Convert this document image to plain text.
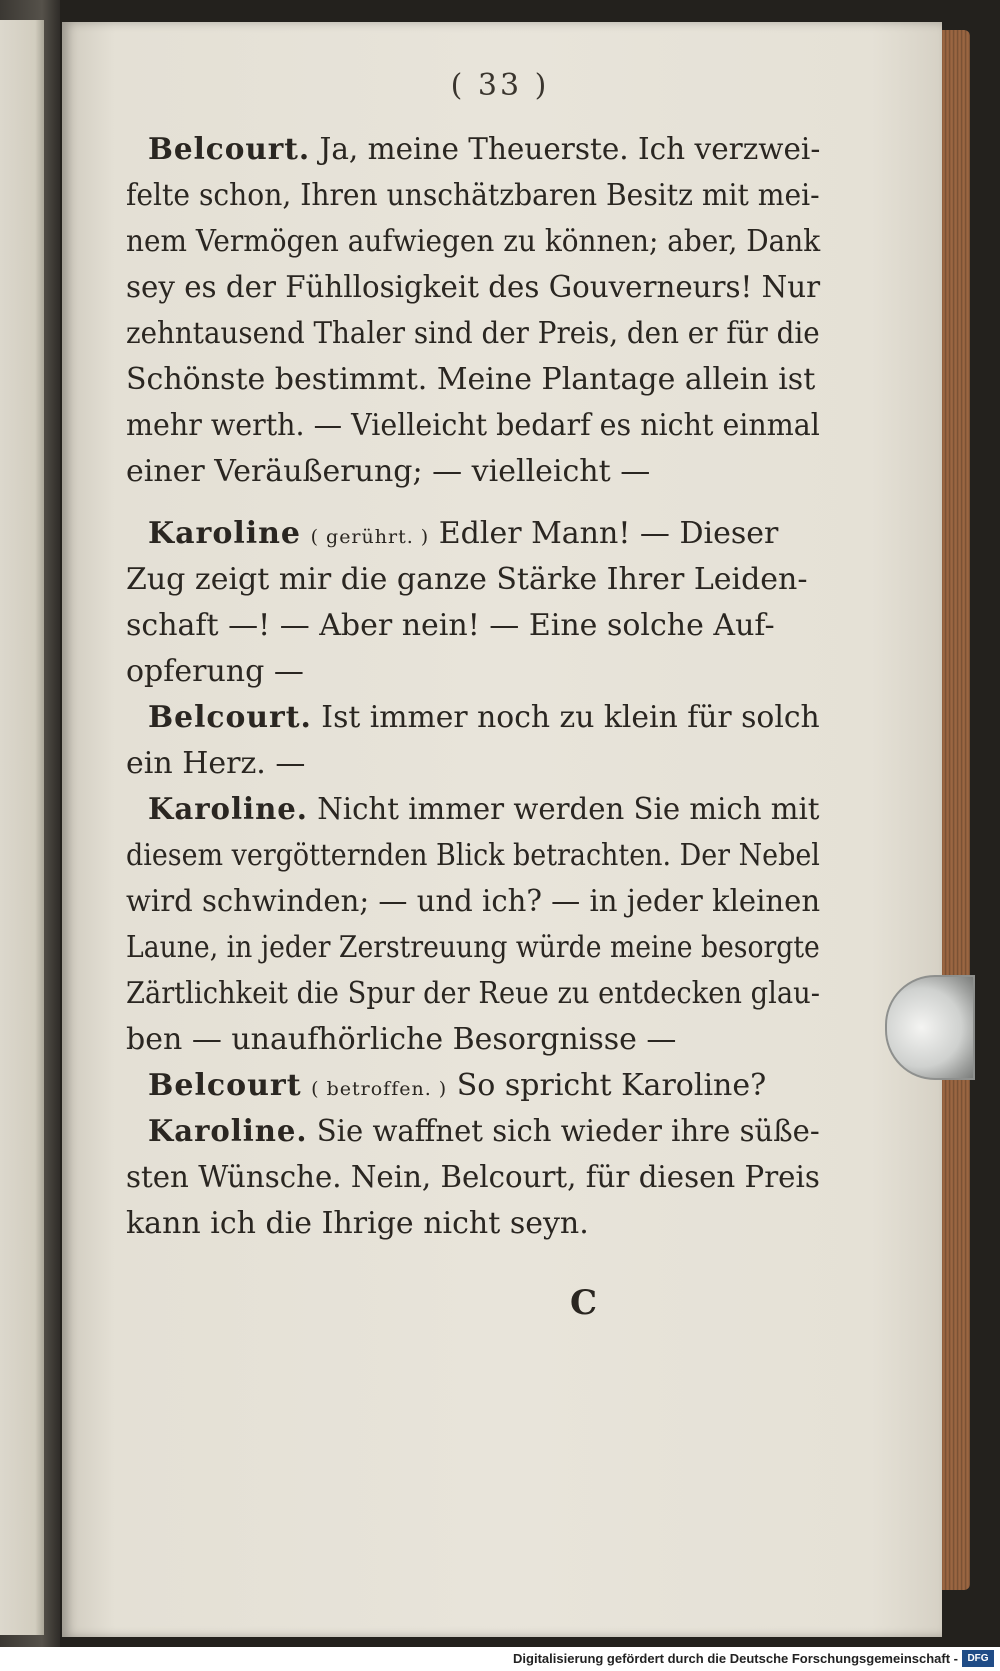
( 33 )
Belcourt. Ja, meine Theuerste. Ich verzwei-
felte schon, Ihren unschätzbaren Besitz mit mei-
nem Vermögen aufwiegen zu können; aber, Dank
sey es der Fühllosigkeit des Gouverneurs! Nur
zehntausend Thaler sind der Preis, den er für die
Schönste bestimmt. Meine Plantage allein ist
mehr werth. — Vielleicht bedarf es nicht einmal
einer Veräußerung; — vielleicht —
Karoline ( gerührt. ) Edler Mann! — Dieser
Zug zeigt mir die ganze Stärke Ihrer Leiden-
schaft —! — Aber nein! — Eine solche Auf-
opferung —
Belcourt. Ist immer noch zu klein für solch
ein Herz. —
Karoline. Nicht immer werden Sie mich mit
diesem vergötternden Blick betrachten. Der Nebel
wird schwinden; — und ich? — in jeder kleinen
Laune, in jeder Zerstreuung würde meine besorgte
Zärtlichkeit die Spur der Reue zu entdecken glau-
ben — unaufhörliche Besorgnisse —
Belcourt ( betroffen. ) So spricht Karoline?
Karoline. Sie waffnet sich wieder ihre süße-
sten Wünsche. Nein, Belcourt, für diesen Preis
kann ich die Ihrige nicht seyn.
C
Digitalisierung gefördert durch die Deutsche Forschungsgemeinschaft - DFG
